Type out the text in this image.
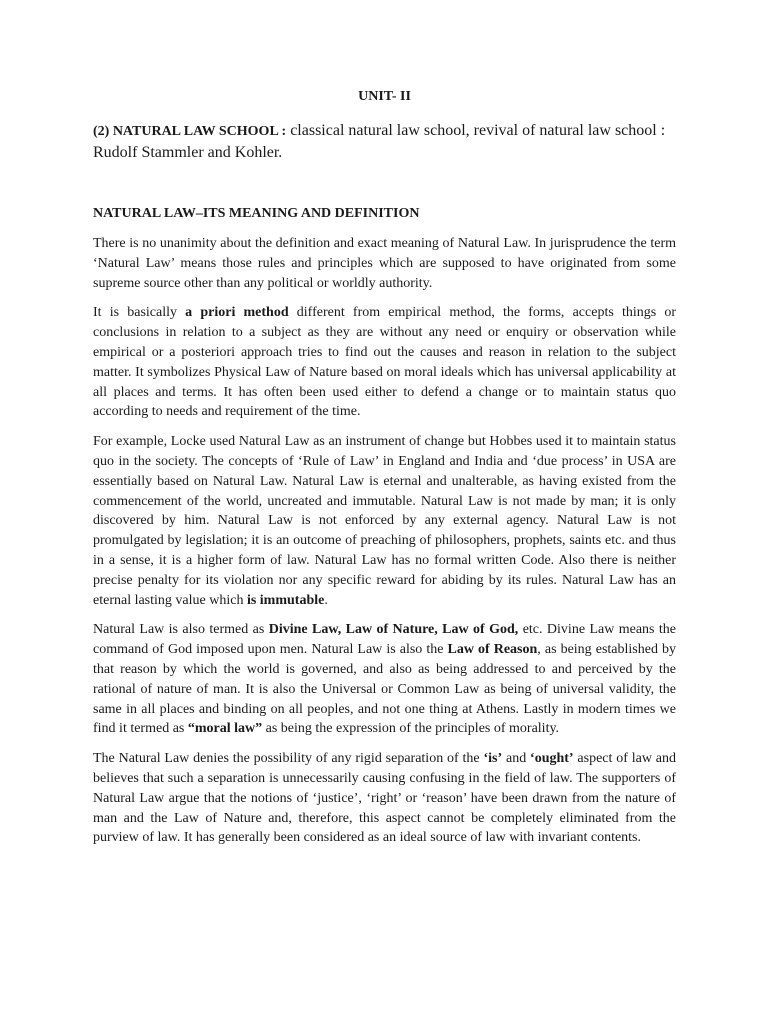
UNIT- II
(2) NATURAL LAW SCHOOL : classical natural law school, revival of natural law school : Rudolf Stammler and Kohler.
NATURAL LAW–ITS MEANING AND DEFINITION

There is no unanimity about the definition and exact meaning of Natural Law. In jurisprudence the term ‘Natural Law’ means those rules and principles which are supposed to have originated from some supreme source other than any political or worldly authority.

It is basically a priori method different from empirical method, the forms, accepts things or conclusions in relation to a subject as they are without any need or enquiry or observation while empirical or a posteriori approach tries to find out the causes and reason in relation to the subject matter. It symbolizes Physical Law of Nature based on moral ideals which has universal applicability at all places and terms. It has often been used either to defend a change or to maintain status quo according to needs and requirement of the time.

For example, Locke used Natural Law as an instrument of change but Hobbes used it to maintain status quo in the society. The concepts of ‘Rule of Law’ in England and India and ‘due process’ in USA are essentially based on Natural Law. Natural Law is eternal and unalterable, as having existed from the commencement of the world, uncreated and immutable. Natural Law is not made by man; it is only discovered by him. Natural Law is not enforced by any external agency. Natural Law is not promulgated by legislation; it is an outcome of preaching of philosophers, prophets, saints etc. and thus in a sense, it is a higher form of law. Natural Law has no formal written Code. Also there is neither precise penalty for its violation nor any specific reward for abiding by its rules. Natural Law has an eternal lasting value which is immutable.

Natural Law is also termed as Divine Law, Law of Nature, Law of God, etc. Divine Law means the command of God imposed upon men. Natural Law is also the Law of Reason, as being established by that reason by which the world is governed, and also as being addressed to and perceived by the rational of nature of man. It is also the Universal or Common Law as being of universal validity, the same in all places and binding on all peoples, and not one thing at Athens. Lastly in modern times we find it termed as “moral law” as being the expression of the principles of morality.

The Natural Law denies the possibility of any rigid separation of the ‘is’ and ‘ought’ aspect of law and believes that such a separation is unnecessarily causing confusing in the field of law. The supporters of Natural Law argue that the notions of ‘justice’, ‘right’ or ‘reason’ have been drawn from the nature of man and the Law of Nature and, therefore, this aspect cannot be completely eliminated from the purview of law. It has generally been considered as an ideal source of law with invariant contents.
